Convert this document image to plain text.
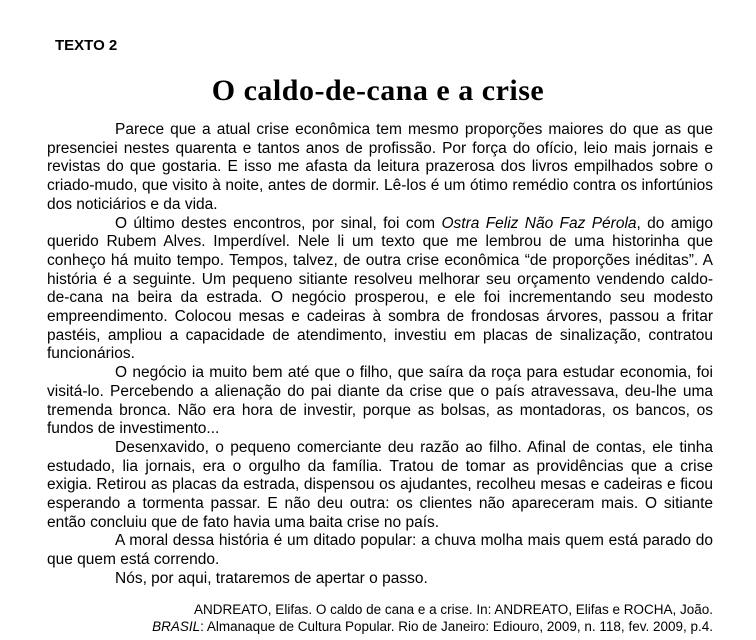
TEXTO 2
O caldo-de-cana e a crise

Parece que a atual crise econômica tem mesmo proporções maiores do que as que presenciei nestes quarenta e tantos anos de profissão. Por força do ofício, leio mais jornais e revistas do que gostaria. E isso me afasta da leitura prazerosa dos livros empilhados sobre o criado-mudo, que visito à noite, antes de dormir. Lê-los é um ótimo remédio contra os infortúnios dos noticiários e da vida.

O último destes encontros, por sinal, foi com Ostra Feliz Não Faz Pérola, do amigo querido Rubem Alves. Imperdível. Nele li um texto que me lembrou de uma historinha que conheço há muito tempo. Tempos, talvez, de outra crise econômica “de proporções inéditas”. A história é a seguinte. Um pequeno sitiante resolveu melhorar seu orçamento vendendo caldo-de-cana na beira da estrada. O negócio prosperou, e ele foi incrementando seu modesto empreendimento. Colocou mesas e cadeiras à sombra de frondosas árvores, passou a fritar pastéis, ampliou a capacidade de atendimento, investiu em placas de sinalização, contratou funcionários.

O negócio ia muito bem até que o filho, que saíra da roça para estudar economia, foi visitá-lo. Percebendo a alienação do pai diante da crise que o país atravessava, deu-lhe uma tremenda bronca. Não era hora de investir, porque as bolsas, as montadoras, os bancos, os fundos de investimento...

Desenxavido, o pequeno comerciante deu razão ao filho. Afinal de contas, ele tinha estudado, lia jornais, era o orgulho da família. Tratou de tomar as providências que a crise exigia. Retirou as placas da estrada, dispensou os ajudantes, recolheu mesas e cadeiras e ficou esperando a tormenta passar. E não deu outra: os clientes não apareceram mais. O sitiante então concluiu que de fato havia uma baita crise no país.

A moral dessa história é um ditado popular: a chuva molha mais quem está parado do que quem está correndo.

Nós, por aqui, trataremos de apertar o passo.

ANDREATO, Elifas. O caldo de cana e a crise. In: ANDREATO, Elifas e ROCHA, João.

BRASIL: Almanaque de Cultura Popular. Rio de Janeiro: Ediouro, 2009, n. 118, fev. 2009, p.4.
